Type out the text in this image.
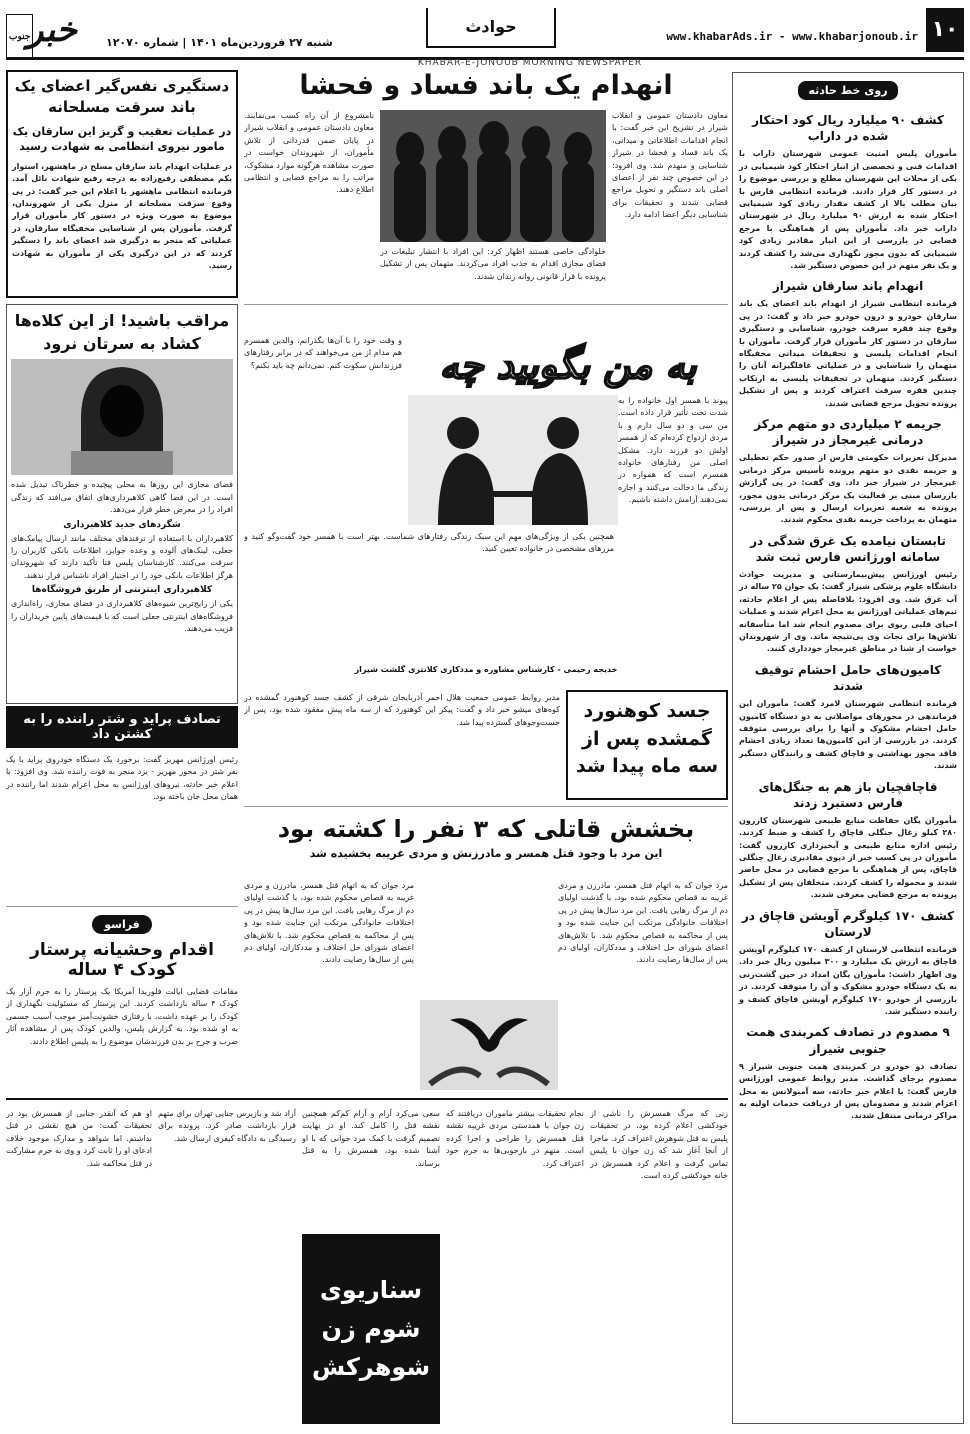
۱۰
www.khabarAds.ir - www.khabarjonoub.ir
حوادث
شنبه ۲۷ فروردین‌ماه ۱۴۰۱ | شماره ۱۲۰۷۰
خبر
جنوب
KHABAR-E-JONOUB MORNING NEWSPAPER
روی خط حادثه
کشف ۹۰ میلیارد ریال کود احتکار شده در داراب
مأموران پلیس امنیت عمومی شهرستان داراب با اقدامات فنی و تخصصی از انبار احتکار کود شیمیایی در یکی از محلات این شهرستان مطلع و بررسی موضوع را در دستور کار قرار دادند. فرمانده انتظامی فارس با بیان مطلب بالا از کشف مقدار زیادی کود شیمیایی احتکار شده به ارزش ۹۰ میلیارد ریال در شهرستان داراب خبر داد. مأموران پس از هماهنگی با مرجع قضایی در بازرسی از این انبار مقادیر زیادی کود شیمیایی که بدون مجوز نگهداری می‌شد را کشف کردند و یک نفر متهم در این خصوص دستگیر شد.
انهدام باند سارقان شیراز
فرمانده انتظامی شیراز از انهدام باند اعضای یک باند سارقان خودرو و درون خودرو خبر داد و گفت: در پی وقوع چند فقره سرقت خودرو، شناسایی و دستگیری سارقان در دستور کار مأموران قرار گرفت. مأموران با انجام اقدامات پلیسی و تحقیقات میدانی مخفیگاه متهمان را شناسایی و در عملیاتی غافلگیرانه آنان را دستگیر کردند. متهمان در تحقیقات پلیسی به ارتکاب چندین فقره سرقت اعتراف کردند و پس از تشکیل پرونده تحویل مرجع قضایی شدند.
جریمه ۲ میلیاردی دو متهم مرکز درمانی غیرمجاز در شیراز
مدیرکل تعزیرات حکومتی فارس از صدور حکم تعطیلی و جریمه نقدی دو متهم پرونده تأسیس مرکز درمانی غیرمجاز در شیراز خبر داد. وی گفت: در پی گزارش بازرسان مبنی بر فعالیت یک مرکز درمانی بدون مجوز، پرونده به شعبه تعزیرات ارسال و پس از بررسی، متهمان به پرداخت جریمه نقدی محکوم شدند.
تابستان نیامده یک غرق شدگی در سامانه اورژانس فارس ثبت شد
رئیس اورژانس پیش‌بیمارستانی و مدیریت حوادث دانشگاه علوم پزشکی شیراز گفت: یک جوان ۲۵ ساله در آب غرق شد. وی افزود: بلافاصله پس از اعلام حادثه، تیم‌های عملیاتی اورژانس به محل اعزام شدند و عملیات احیای قلبی ریوی برای مصدوم انجام شد اما متأسفانه تلاش‌ها برای نجات وی بی‌نتیجه ماند. وی از شهروندان خواست از شنا در مناطق غیرمجاز خودداری کنند.
کامیون‌های حامل احشام توقیف شدند
فرمانده انتظامی شهرستان لامرد گفت: مأموران این فرماندهی در محورهای مواصلاتی به دو دستگاه کامیون حامل احشام مشکوک و آنها را برای بررسی متوقف کردند. در بازرسی از این کامیون‌ها تعداد زیادی احشام فاقد مجوز بهداشتی و قاچاق کشف و رانندگان دستگیر شدند.
قاچاقچیان باز هم به جنگل‌های فارس دستبرد زدند
مأموران یگان حفاظت منابع طبیعی شهرستان کازرون ۲۸۰ کیلو زغال جنگلی قاچاق را کشف و ضبط کردند. رئیس اداره منابع طبیعی و آبخیزداری کازرون گفت: مأموران در پی کسب خبر از دپوی مقادیری زغال جنگلی قاچاق، پس از هماهنگی با مرجع قضایی در محل حاضر شدند و محموله را کشف کردند. متخلفان پس از تشکیل پرونده به مرجع قضایی معرفی شدند.
کشف ۱۷۰ کیلوگرم آویشن قاچاق در لارستان
فرمانده انتظامی لارستان از کشف ۱۷۰ کیلوگرم آویشن قاچاق به ارزش یک میلیارد و ۳۰۰ میلیون ریال خبر داد. وی اظهار داشت: مأموران یگان امداد در حین گشت‌زنی به یک دستگاه خودرو مشکوک و آن را متوقف کردند. در بازرسی از خودرو ۱۷۰ کیلوگرم آویشن قاچاق کشف و راننده دستگیر شد.
۹ مصدوم در تصادف کمربندی همت جنوبی شیراز
تصادف دو خودرو در کمربندی همت جنوبی شیراز ۹ مصدوم برجای گذاشت. مدیر روابط عمومی اورژانس فارس گفت: با اعلام خبر حادثه، سه آمبولانس به محل اعزام شدند و مصدومان پس از دریافت خدمات اولیه به مراکز درمانی منتقل شدند.
دستگیری نفس‌گیر اعضای یک باند سرقت مسلحانه
در عملیات تعقیب و گریز این سارقان یک مامور نیروی انتظامی به شهادت رسید
در عملیات انهدام باند سارقان مسلح در ماهشهر، استوار یکم مصطفی رفیع‌زاده به درجه رفیع شهادت نائل آمد. فرمانده انتظامی ماهشهر با اعلام این خبر گفت: در پی وقوع سرقت مسلحانه از منزل یکی از شهروندان، موضوع به صورت ویژه در دستور کار مأموران قرار گرفت. مأموران پس از شناسایی مخفیگاه سارقان، در عملیاتی که منجر به درگیری شد اعضای باند را دستگیر کردند که در این درگیری یکی از مأموران به شهادت رسید.
انهدام یک باند فساد و فحشا
معاون دادستان عمومی و انقلاب شیراز در تشریح این خبر گفت: با انجام اقدامات اطلاعاتی و میدانی، یک باند فساد و فحشا در شیراز شناسایی و منهدم شد. وی افزود: در این خصوص چند نفر از اعضای اصلی باند دستگیر و تحویل مراجع قضایی شدند و تحقیقات برای شناسایی دیگر اعضا ادامه دارد.
نامشروع از آن راه کسب می‌نمایند. معاون دادستان عمومی و انقلاب شیراز در پایان ضمن قدردانی از تلاش مأموران، از شهروندان خواست در صورت مشاهده هرگونه موارد مشکوک، مراتب را به مراجع قضایی و انتظامی اطلاع دهند.
خلوادگی خاصی هستند اظهار کرد: این افراد با انتشار تبلیغات در فضای مجازی اقدام به جذب افراد می‌کردند. متهمان پس از تشکیل پرونده با قرار قانونی روانه زندان شدند.
به من بگویید چه
پیوند با همسر اول خانواده را به شدت تحت تأثیر قرار داده است. من سی و دو سال دارم و با مردی ازدواج کرده‌ام که از همسر اولش دو فرزند دارد. مشکل اصلی من رفتارهای خانواده همسرم است که همواره در زندگی ما دخالت می‌کنند و اجازه نمی‌دهند آرامش داشته باشیم.
و وقت خود را با آن‌ها بگذرانم. والدین همسرم هم مدام از من می‌خواهند که در برابر رفتارهای فرزندانش سکوت کنم. نمی‌دانم چه باید بکنم؟
همچنین یکی از ویژگی‌های مهم این سبک زندگی رفتارهای شماست. بهتر است با همسر خود گفت‌وگو کنید و مرزهای مشخصی در خانواده تعیین کنید.
خدیجه رحیمی - کارشناس مشاوره و مددکاری کلانتری گلشت شیراز
مراقب باشید! از این کلاه‌ها کشاد به سرتان نرود
فضای مجازی این روزها به محلی پیچیده و خطرناک تبدیل شده است. در این فضا گاهی کلاهبرداری‌های اتفاق می‌افتد که زندگی افراد را در معرض خطر قرار می‌دهد.
شگردهای جدید کلاهبرداری
کلاهبرداران با استفاده از ترفندهای مختلف مانند ارسال پیامک‌های جعلی، لینک‌های آلوده و وعده جوایز، اطلاعات بانکی کاربران را سرقت می‌کنند. کارشناسان پلیس فتا تأکید دارند که شهروندان هرگز اطلاعات بانکی خود را در اختیار افراد ناشناس قرار ندهند.
کلاهبرداری اینترنتی از طریق فروشگاه‌ها
یکی از رایج‌ترین شیوه‌های کلاهبرداری در فضای مجازی، راه‌اندازی فروشگاه‌های اینترنتی جعلی است که با قیمت‌های پایین خریداران را فریب می‌دهند.
جسد کوهنورد گمشده پس از سه ماه پیدا شد
مدیر روابط عمومی جمعیت هلال احمر آذربایجان شرقی از کشف جسد کوهنورد گمشده در کوه‌های میشو خبر داد و گفت: پیکر این کوهنورد که از سه ماه پیش مفقود شده بود، پس از جست‌وجوهای گسترده پیدا شد.
بخشش قاتلی که ۳ نفر را کشته بود
این مرد با وجود قتل همسر و مادرزنش و مردی غریبه بخشیده شد
مرد جوان که به اتهام قتل همسر، مادرزن و مردی غریبه به قصاص محکوم شده بود، با گذشت اولیای دم از مرگ رهایی یافت. این مرد سال‌ها پیش در پی اختلافات خانوادگی مرتکب این جنایت شده بود و پس از محاکمه به قصاص محکوم شد. با تلاش‌های اعضای شورای حل اختلاف و مددکاران، اولیای دم پس از سال‌ها رضایت دادند.
مرد جوان که به اتهام قتل همسر، مادرزن و مردی غریبه به قصاص محکوم شده بود، با گذشت اولیای دم از مرگ رهایی یافت. این مرد سال‌ها پیش در پی اختلافات خانوادگی مرتکب این جنایت شده بود و پس از محاکمه به قصاص محکوم شد. با تلاش‌های اعضای شورای حل اختلاف و مددکاران، اولیای دم پس از سال‌ها رضایت دادند.
تصادف پراید و شتر راننده را به کشتن داد
رئیس اورژانس مهریز گفت: برخورد یک دستگاه خودروی پراید با یک نفر شتر در محور مهریز - یزد منجر به فوت راننده شد. وی افزود: با اعلام خبر حادثه، نیروهای اورژانس به محل اعزام شدند اما راننده در همان محل جان باخته بود.
فراسو
اقدام وحشیانه پرستار کودک ۴ ساله
مقامات قضایی ایالت فلوریدا آمریکا یک پرستار را به جرم آزار یک کودک ۴ ساله بازداشت کردند. این پرستار که مسئولیت نگهداری از کودک را بر عهده داشت، با رفتاری خشونت‌آمیز موجب آسیب جسمی به او شده بود. به گزارش پلیس، والدین کودک پس از مشاهده آثار ضرب و جرح بر بدن فرزندشان موضوع را به پلیس اطلاع دادند.
زنی که مرگ همسرش را ناشی از خودکشی اعلام کرده بود، در تحقیقات پلیس به قتل شوهرش اعتراف کرد. ماجرا از آنجا آغاز شد که زن جوان با پلیس تماس گرفت و اعلام کرد همسرش در خانه خودکشی کرده است.
نجام تحقیقات بیشتر ماموران دریافتند که زن جوان با همدستی مردی غریبه نقشه قتل همسرش را طراحی و اجرا کرده است. متهم در بازجویی‌ها به جرم خود اعتراف کرد.
سعی می‌کرد آرام و آرام کم‌کم همچنین نقشه قتل را کامل کند. او در نهایت تصمیم گرفت با کمک مرد جوانی که با او آشنا شده بود، همسرش را به قتل برساند.
سناریوی شوم زن شوهرکش
آزاد شد و بازپرس جنایی تهران برای متهم قرار بازداشت صادر کرد. پرونده برای رسیدگی به دادگاه کیفری ارسال شد.
او هم که آنقدر جنایی از همسرش بود در تحقیقات گفت: من هیچ نقشی در قتل نداشتم. اما شواهد و مدارک موجود خلاف ادعای او را ثابت کرد و وی به جرم مشارکت در قتل محاکمه شد.
